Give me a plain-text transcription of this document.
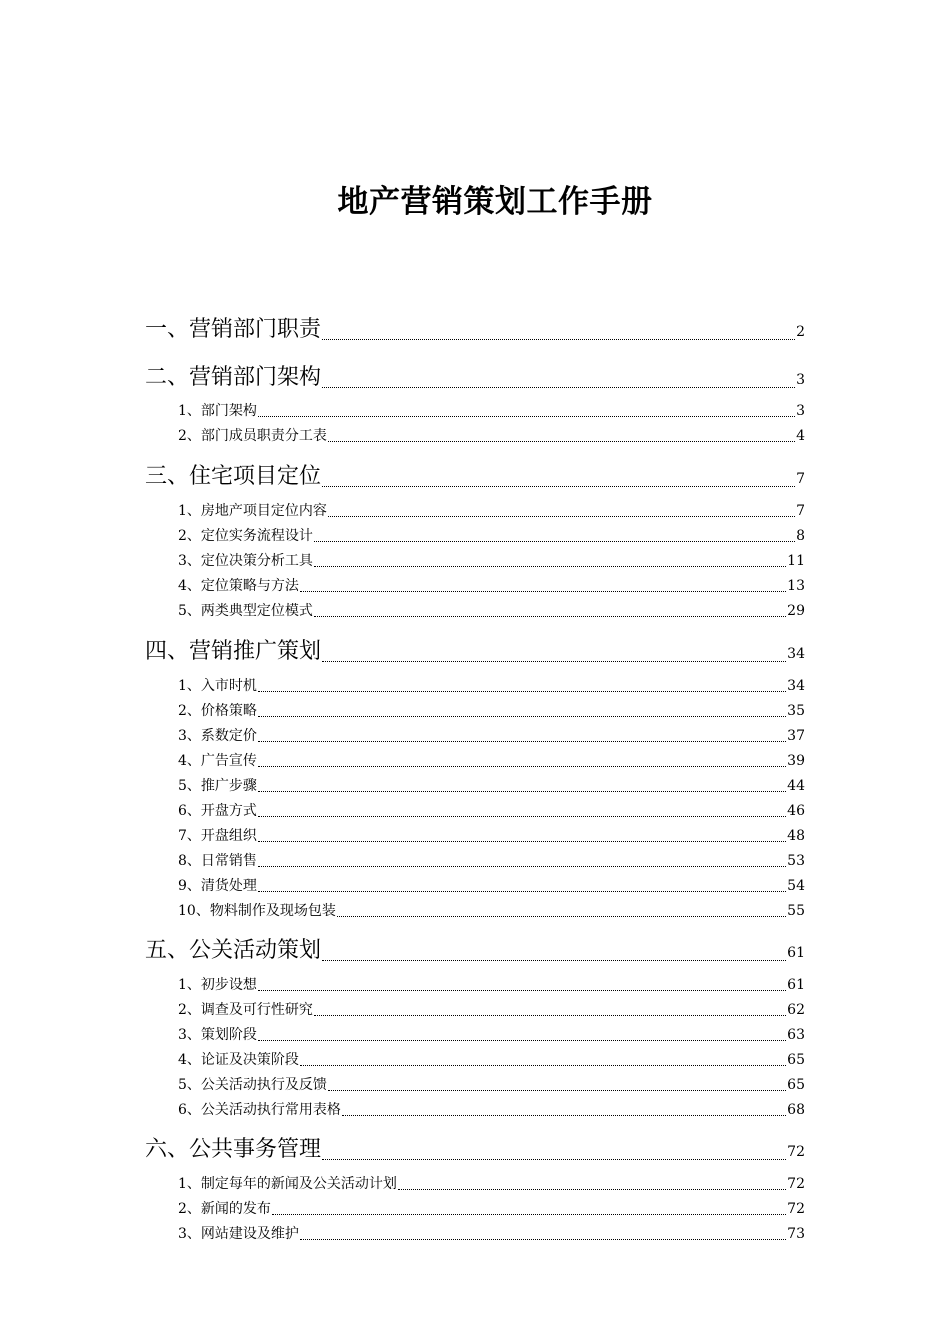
地产营销策划工作手册
一、营销部门职责	2
二、营销部门架构	3
1、部门架构	3
2、部门成员职责分工表	4
三、住宅项目定位	7
1、房地产项目定位内容	7
2、定位实务流程设计	8
3、定位决策分析工具	11
4、定位策略与方法	13
5、两类典型定位模式	29
四、营销推广策划	34
1、入市时机	34
2、价格策略	35
3、系数定价	37
4、广告宣传	39
5、推广步骤	44
6、开盘方式	46
7、开盘组织	48
8、日常销售	53
9、清货处理	54
10、物料制作及现场包装	55
五、公关活动策划	61
1、初步设想	61
2、调查及可行性研究	62
3、策划阶段	63
4、论证及决策阶段	65
5、公关活动执行及反馈	65
6、公关活动执行常用表格	68
六、公共事务管理	72
1、制定每年的新闻及公关活动计划	72
2、新闻的发布	72
3、网站建设及维护	73
